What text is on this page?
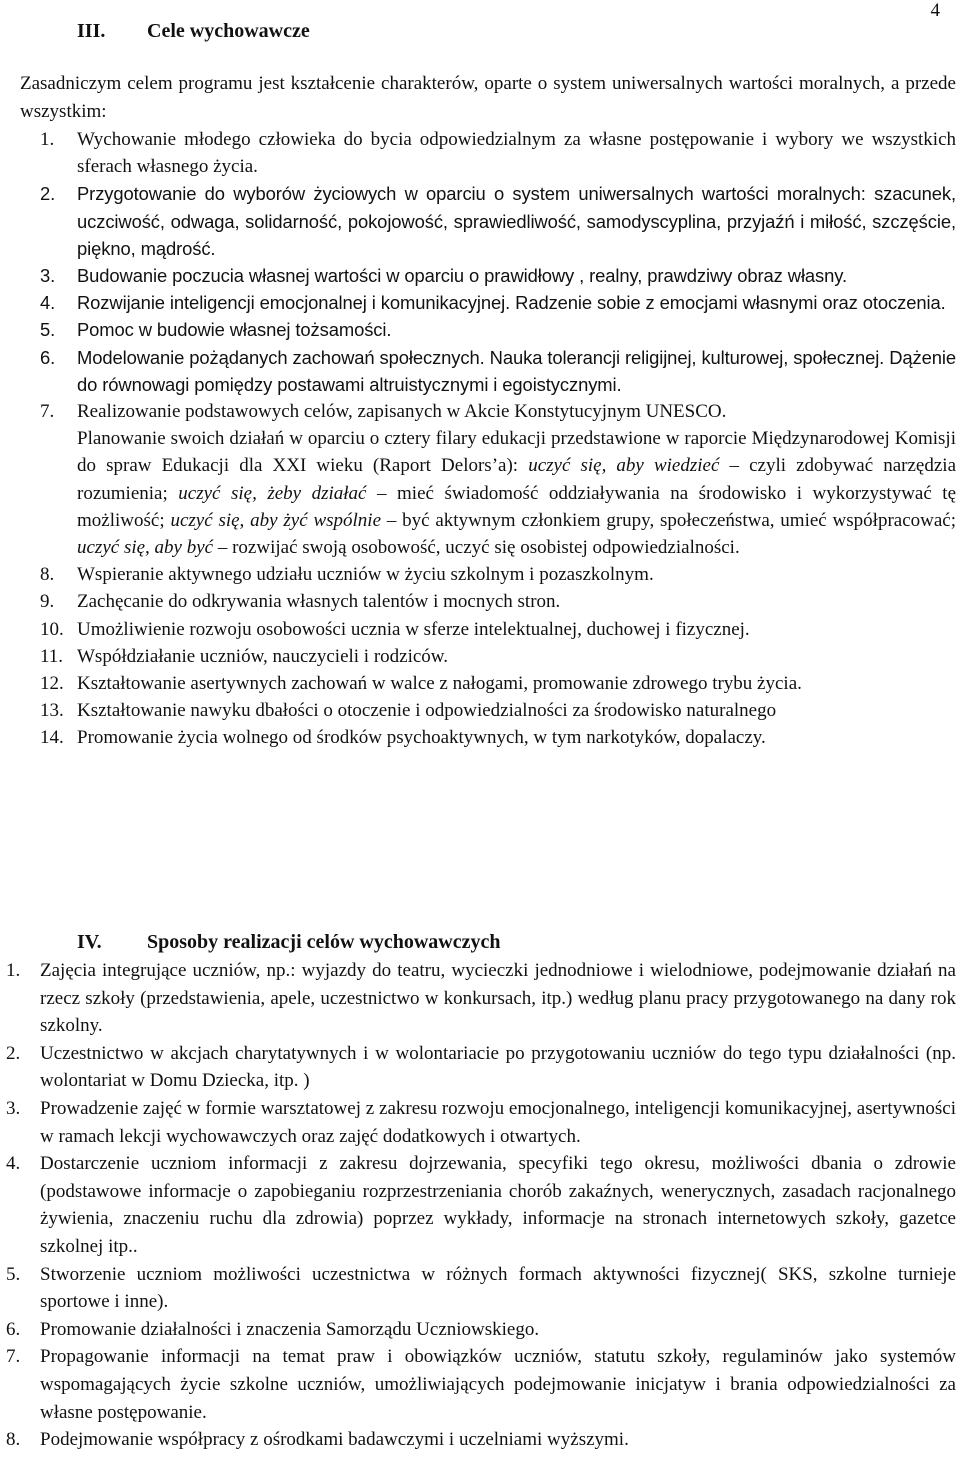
4
III. Cele wychowawcze
Zasadniczym celem programu jest kształcenie charakterów, oparte o system uniwersalnych wartości moralnych, a przede wszystkim:
1. Wychowanie młodego człowieka do bycia odpowiedzialnym za własne postępowanie i wybory we wszystkich sferach własnego życia.
2. Przygotowanie do wyborów życiowych w oparciu o system uniwersalnych wartości moralnych: szacunek, uczciwość, odwaga, solidarność, pokojowość, sprawiedliwość, samodyscyplina, przyjaźń i miłość, szczęście, piękno, mądrość.
3. Budowanie poczucia własnej wartości w oparciu o prawidłowy , realny, prawdziwy obraz własny.
4. Rozwijanie inteligencji emocjonalnej i komunikacyjnej. Radzenie sobie z emocjami własnymi oraz otoczenia.
5. Pomoc w budowie własnej tożsamości.
6. Modelowanie pożądanych zachowań społecznych. Nauka tolerancji religijnej, kulturowej, społecznej. Dążenie do równowagi pomiędzy postawami altruistycznymi i egoistycznymi.
7. Realizowanie podstawowych celów, zapisanych w Akcie Konstytucyjnym UNESCO.
Planowanie swoich działań w oparciu o cztery filary edukacji przedstawione w raporcie Międzynarodowej Komisji do spraw Edukacji dla XXI wieku (Raport Delors’a): uczyć się, aby wiedzieć – czyli zdobywać narzędzia rozumienia; uczyć się, żeby działać – mieć świadomość oddziaływania na środowisko i wykorzystywać tę możliwość; uczyć się, aby żyć wspólnie – być aktywnym członkiem grupy, społeczeństwa, umieć współpracować; uczyć się, aby być – rozwijać swoją osobowość, uczyć się osobistej odpowiedzialności.
8. Wspieranie aktywnego udziału uczniów w życiu szkolnym i pozaszkolnym.
9. Zachęcanie do odkrywania własnych talentów i mocnych stron.
10. Umożliwienie rozwoju osobowości ucznia w sferze intelektualnej, duchowej i fizycznej.
11. Współdziałanie uczniów, nauczycieli i rodziców.
12. Kształtowanie asertywnych zachowań w walce z nałogami, promowanie zdrowego trybu życia.
13. Kształtowanie nawyku dbałości o otoczenie i odpowiedzialności za środowisko naturalnego
14. Promowanie życia wolnego od środków psychoaktywnych, w tym narkotyków, dopalaczy.
IV. Sposoby realizacji celów wychowawczych
1. Zajęcia integrujące uczniów, np.: wyjazdy do teatru, wycieczki jednodniowe i wielodniowe, podejmowanie działań na rzecz szkoły (przedstawienia, apele, uczestnictwo w konkursach, itp.) według planu pracy przygotowanego na dany rok szkolny.
2. Uczestnictwo w akcjach charytatywnych i w wolontariacie po przygotowaniu uczniów do tego typu działalności (np. wolontariat w Domu Dziecka, itp. )
3. Prowadzenie zajęć w formie warsztatowej z zakresu rozwoju emocjonalnego, inteligencji komunikacyjnej, asertywności w ramach lekcji wychowawczych oraz zajęć dodatkowych i otwartych.
4. Dostarczenie uczniom informacji z zakresu dojrzewania, specyfiki tego okresu, możliwości dbania o zdrowie (podstawowe informacje o zapobieganiu rozprzestrzeniania chorób zakaźnych, wenerycznych, zasadach racjonalnego żywienia, znaczeniu ruchu dla zdrowia) poprzez wykłady, informacje na stronach internetowych szkoły, gazetce szkolnej itp..
5. Stworzenie uczniom możliwości uczestnictwa w różnych formach aktywności fizycznej( SKS, szkolne turnieje sportowe i inne).
6. Promowanie działalności i znaczenia Samorządu Uczniowskiego.
7. Propagowanie informacji na temat praw i obowiązków uczniów, statutu szkoły, regulaminów jako systemów wspomagających życie szkolne uczniów, umożliwiających podejmowanie inicjatyw i brania odpowiedzialności za własne postępowanie.
8. Podejmowanie współpracy z ośrodkami badawczymi i uczelniami wyższymi.
